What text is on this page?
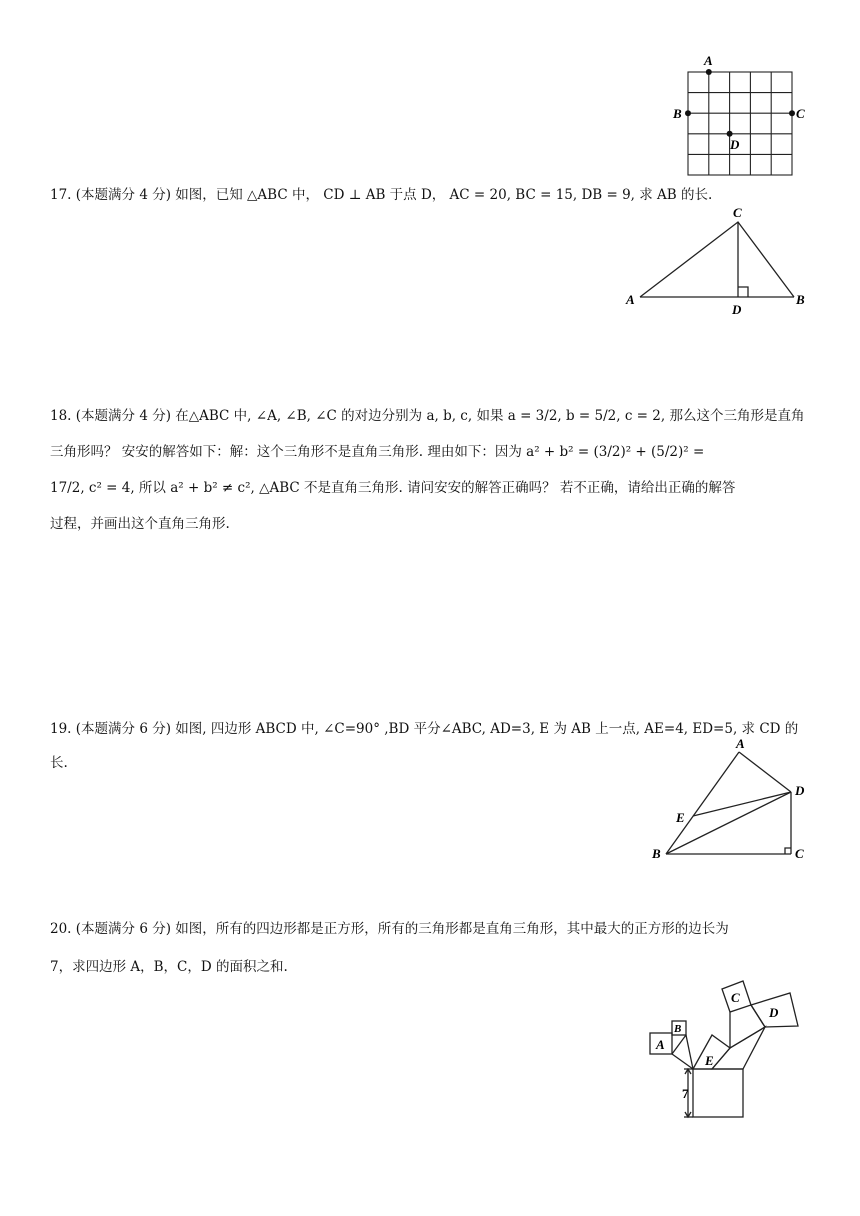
A
B	C
D

17. (本题满分 4 分) 如图，已知 △ABC 中， CD ⊥ AB 于点 D， AC = 20, BC = 15, DB = 9, 求 AB 的长.

C
A
D
B

18. (本题满分 4 分) 在△ABC 中, ∠A, ∠B, ∠C 的对边分别为 a, b, c, 如果 a = 3/2, b = 5/2, c = 2, 那么这个三角形是直角

三角形吗？ 安安的解答如下：解：这个三角形不是直角三角形. 理由如下：因为 a² + b² = (3/2)² + (5/2)² =

17/2, c² = 4, 所以 a² + b² ≠ c², △ABC 不是直角三角形. 请问安安的解答正确吗？ 若不正确，请给出正确的解答

过程，并画出这个直角三角形.

19. (本题满分 6 分) 如图, 四边形 ABCD 中, ∠C=90° ,BD 平分∠ABC, AD=3, E 为 AB 上一点, AE=4, ED=5, 求 CD 的长.

A
D
E
B	C

20. (本题满分 6 分) 如图，所有的四边形都是正方形，所有的三角形都是直角三角形，其中最大的正方形的边长为

7，求四边形 A，B，C，D 的面积之和.

A
B
C
D
E
7
